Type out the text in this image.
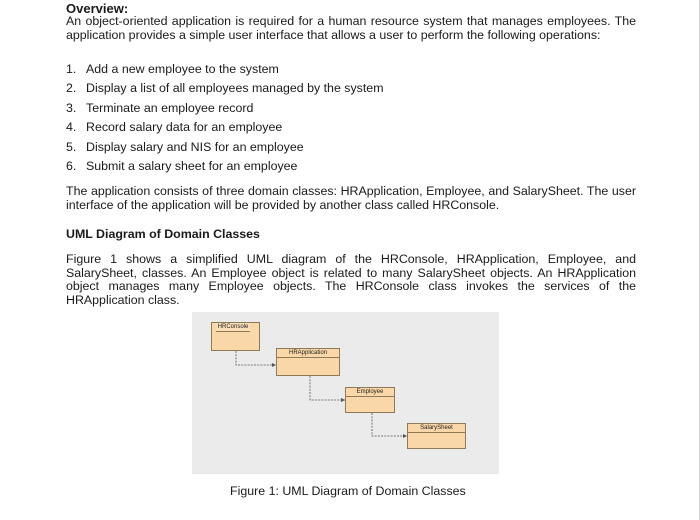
Overview:
An object-oriented application is required for a human resource system that manages employees. The application provides a simple user interface that allows a user to perform the following operations:
1. Add a new employee to the system
2. Display a list of all employees managed by the system
3. Terminate an employee record
4. Record salary data for an employee
5. Display salary and NIS for an employee
6. Submit a salary sheet for an employee
The application consists of three domain classes: HRApplication, Employee, and SalarySheet. The user interface of the application will be provided by another class called HRConsole.
UML Diagram of Domain Classes
Figure 1 shows a simplified UML diagram of the HRConsole, HRApplication, Employee, and SalarySheet, classes. An Employee object is related to many SalarySheet objects. An HRApplication object manages many Employee objects. The HRConsole class invokes the services of the HRApplication class.
HRConsole
HRApplication
Employee
SalarySheet
Figure 1: UML Diagram of Domain Classes
